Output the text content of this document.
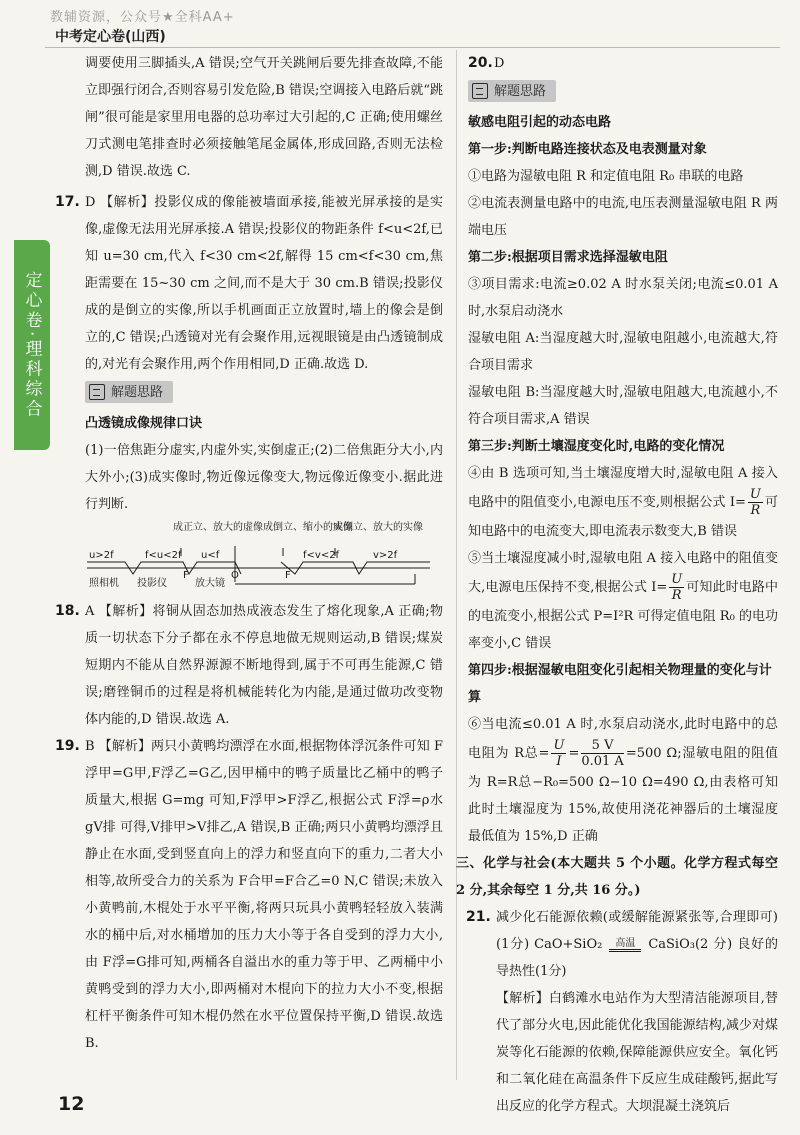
教辅资源，公众号★全科AA+
中考定心卷(山西)
定心卷·理科综合

调要使用三脚插头,A 错误;空气开关跳闸后要先排查故障,不能立即强行闭合,否则容易引发危险,B 错误;空调接入电路后就“跳闸”很可能是家里用电器的总功率过大引起的,C 正确;使用螺丝刀式测电笔排查时必须接触笔尾金属体,形成回路,否则无法检测,D 错误.故选 C.

17. D 【解析】投影仪成的像能被墙面承接,能被光屏承接的是实像,虚像无法用光屏承接.A 错误;投影仪的物距条件 f<u<2f,已知 u=30 cm,代入 f<30 cm<2f,解得 15 cm<f<30 cm,焦距需要在 15~30 cm 之间,而不是大于 30 cm.B 错误;投影仪成的是倒立的实像,所以手机画面正立放置时,墙上的像会是倒立的,C 错误;凸透镜对光有会聚作用,远视眼镜是由凸透镜制成的,对光有会聚作用,两个作用相同,D 正确.故选 D.

解题思路
凸透镜成像规律口诀

(1)一倍焦距分虚实,内虚外实,实倒虚正;(2)二倍焦距分大小,内大外小;(3)成实像时,物近像远像变大,物远像近像变小.据此进行判断.

成正立、放大的虚像 成倒立、缩小的实像
成倒立、放大的实像
u>2f	f<u<2f u<f	f<v<2f	v>2f
照相机 投影仪
F
放大镜
O	F
18. A 【解析】将铜从固态加热成液态发生了熔化现象,A 正确;物质一切状态下分子都在永不停息地做无规则运动,B 错误;煤炭短期内不能从自然界源源不断地得到,属于不可再生能源,C 错误;磨锉铜币的过程是将机械能转化为内能,是通过做功改变物体内能的,D 错误.故选 A.

19. B 【解析】两只小黄鸭均漂浮在水面,根据物体浮沉条件可知 F浮甲=G甲,F浮乙=G乙,因甲桶中的鸭子质量比乙桶中的鸭子质量大,根据 G=mg 可知,F浮甲>F浮乙,根据公式 F浮=ρ水 gV排 可得,V排甲>V排乙,A 错误,B 正确;两只小黄鸭均漂浮且静止在水面,受到竖直向上的浮力和竖直向下的重力,二者大小相等,故所受合力的关系为 F合甲=F合乙=0 N,C 错误;未放入小黄鸭前,木棍处于水平平衡,将两只玩具小黄鸭轻轻放入装满水的桶中后,对水桶增加的压力大小等于各自受到的浮力大小,由 F浮=G排可知,两桶各自溢出水的重力等于甲、乙两桶中小黄鸭受到的浮力大小,即两桶对木棍向下的拉力大小不变,根据杠杆平衡条件可知木棍仍然在水平位置保持平衡,D 错误.故选 B.

20. D
解题思路
敏感电阻引起的动态电路
第一步:判断电路连接状态及电表测量对象

①电路为湿敏电阻 R 和定值电阻 R₀ 串联的电路

②电流表测量电路中的电流,电压表测量湿敏电阻 R 两端电压

第二步:根据项目需求选择湿敏电阻

③项目需求:电流≥0.02 A 时水泵关闭;电流≤0.01 A 时,水泵启动浇水

湿敏电阻 A:当湿度越大时,湿敏电阻越小,电流越大,符合项目需求

湿敏电阻 B:当湿度越大时,湿敏电阻越大,电流越小,不符合项目需求,A 错误

第三步:判断土壤湿度变化时,电路的变化情况

④由 B 选项可知,当土壤湿度增大时,湿敏电阻 A 接入电路中的阻值变小,电源电压不变,则根据公式 $I= \frac{U}{R}$ 可知电路中的电流变大,即电流表示数变大,B 错误

⑤当土壤湿度减小时,湿敏电阻 A 接入电路中的阻值变大,电源电压保持不变,根据公式 $I= \frac{U}{R}$ 可知此时电路中的电流变小,根据公式 P=I²R 可得定值电阻 R₀ 的电功率变小,C 错误

第四步:根据湿敏电阻变化引起相关物理量的变化与计算

⑥当电流≤0.01 A 时,水泵启动浇水,此时电路中的总电阻为 R总= $\frac{U}{I} = \frac{5 V}{0.01 A} =500$ Ω;湿敏电阻的阻值为 R=R总−R₀=500 Ω−10 Ω=490 Ω,由表格可知此时土壤湿度为 15%,故使用浇花神器后的土壤湿度最低值为 15%,D 正确

三、化学与社会(本大题共 5 个小题。化学方程式每空 2 分,其余每空 1 分,共 16 分。)

21. 减少化石能源依赖(或缓解能源紧张等,合理即可)(1分) CaO+SiO₂ 高温 CaSiO₃(2 分) 良好的导热性(1分)

【解析】白鹤滩水电站作为大型清洁能源项目,替代了部分火电,因此能优化我国能源结构,减少对煤炭等化石能源的依赖,保障能源供应安全。氧化钙和二氧化硅在高温条件下反应生成硅酸钙,据此写出反应的化学方程式。大坝混凝土浇筑后

12
